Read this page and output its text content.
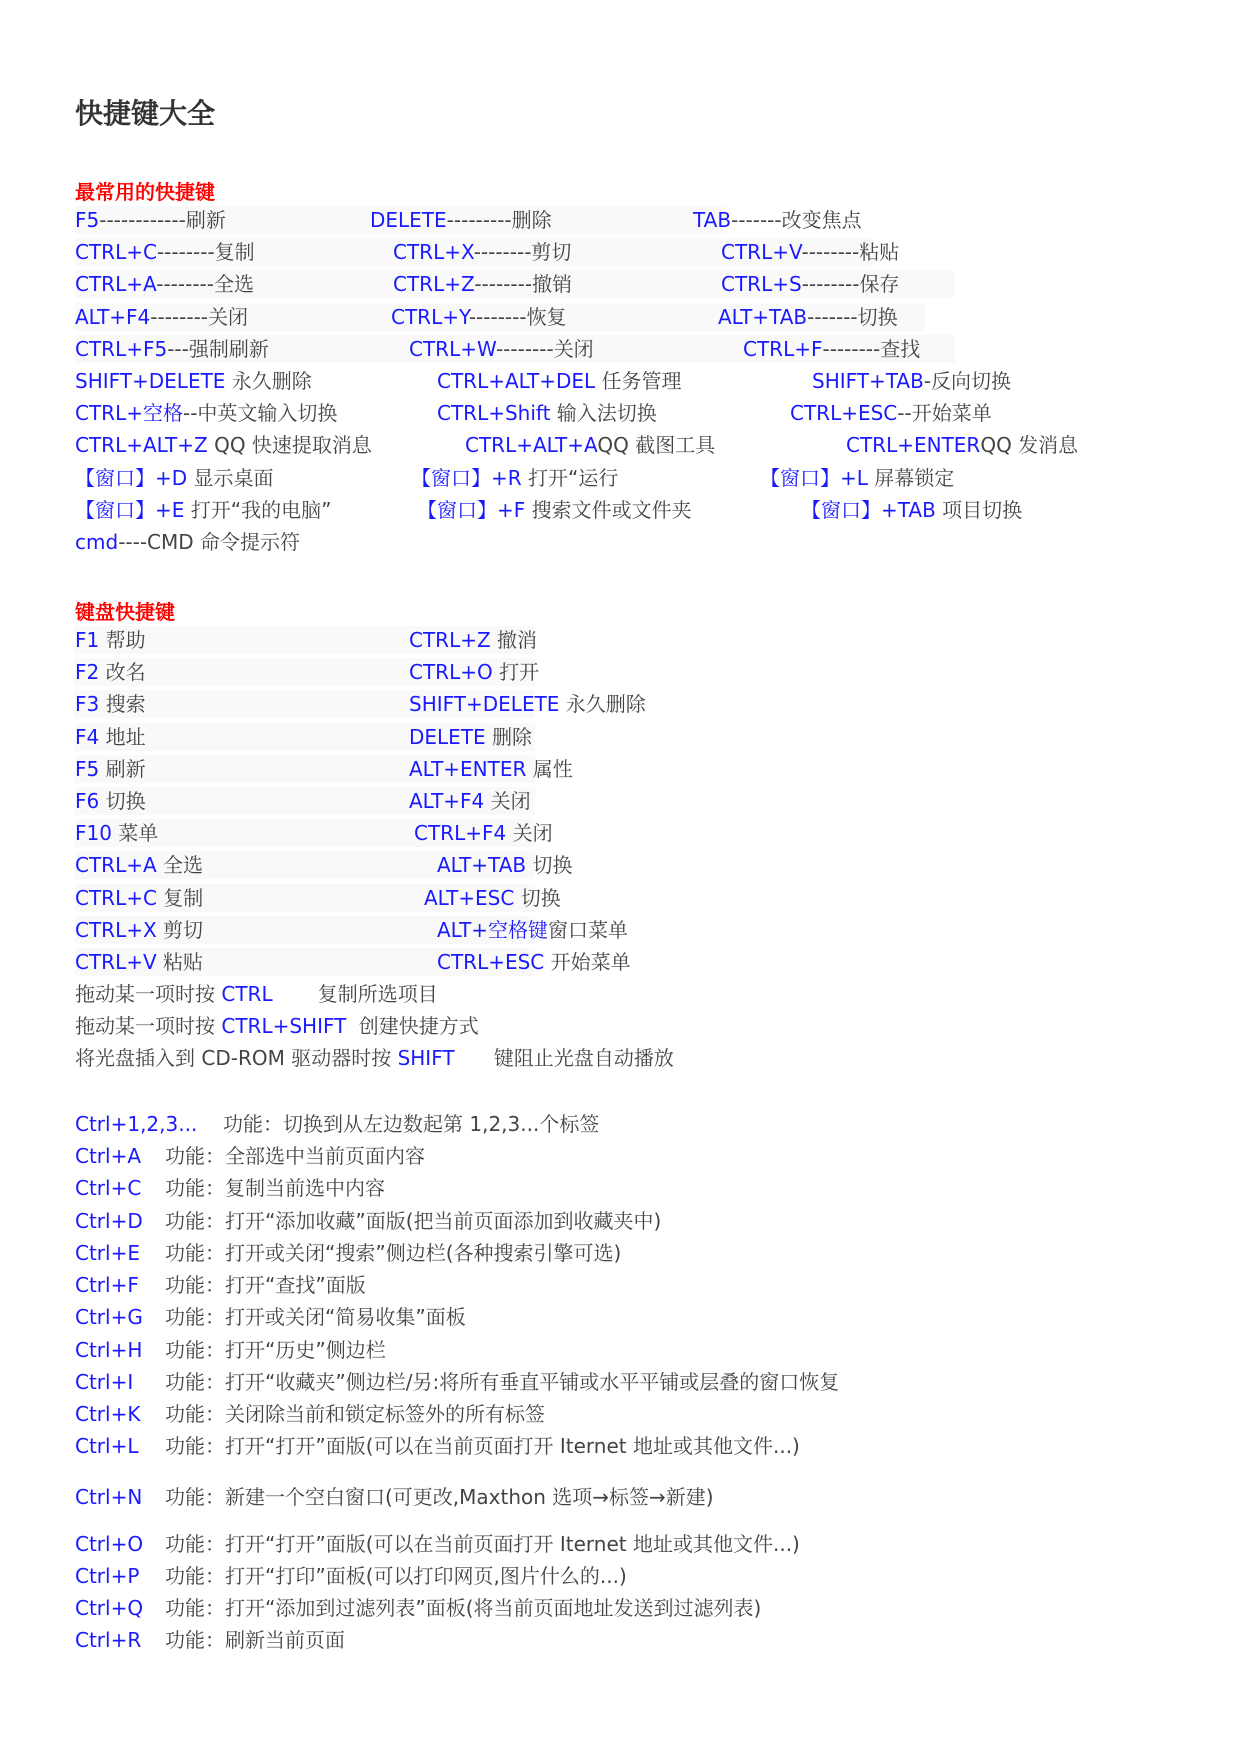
快捷键大全
最常用的快捷键
F5------------刷新	DELETE---------删除	TAB-------改变焦点
CTRL+C--------复制	CTRL+X--------剪切	CTRL+V--------粘贴
CTRL+A--------全选	CTRL+Z--------撤销	CTRL+S--------保存
ALT+F4--------关闭	CTRL+Y--------恢复	ALT+TAB-------切换
CTRL+F5---强制刷新	CTRL+W--------关闭	CTRL+F--------查找
SHIFT+DELETE 永久删除	CTRL+ALT+DEL 任务管理	SHIFT+TAB-反向切换
CTRL+空格--中英文输入切换	CTRL+Shift 输入法切换	CTRL+ESC--开始菜单
CTRL+ALT+Z QQ 快速提取消息	CTRL+ALT+AQQ 截图工具	CTRL+ENTERQQ 发消息
【窗口】+D 显示桌面	【窗口】+R 打开“运行	【窗口】+L 屏幕锁定
【窗口】+E 打开“我的电脑”	【窗口】+F 搜索文件或文件夹	【窗口】+TAB 项目切换
cmd----CMD 命令提示符
键盘快捷键
F1 帮助	CTRL+Z 撤消
F2 改名	CTRL+O 打开
F3 搜索	SHIFT+DELETE 永久删除
F4 地址	DELETE 删除
F5 刷新	ALT+ENTER 属性
F6 切换	ALT+F4 关闭
F10 菜单	CTRL+F4 关闭
CTRL+A 全选	ALT+TAB 切换
CTRL+C 复制	ALT+ESC 切换
CTRL+X 剪切	ALT+空格键窗口菜单
CTRL+V 粘贴	CTRL+ESC 开始菜单
拖动某一项时按 CTRL 复制所选项目
拖动某一项时按 CTRL+SHIFT 创建快捷方式
将光盘插入到 CD-ROM 驱动器时按 SHIFT 键阻止光盘自动播放
Ctrl+1,2,3... 功能：切换到从左边数起第 1,2,3...个标签
Ctrl+A 功能：全部选中当前页面内容
Ctrl+C 功能：复制当前选中内容
Ctrl+D 功能：打开“添加收藏”面版(把当前页面添加到收藏夹中)
Ctrl+E 功能：打开或关闭“搜索”侧边栏(各种搜索引擎可选)
Ctrl+F 功能：打开“查找”面版
Ctrl+G 功能：打开或关闭“简易收集”面板
Ctrl+H 功能：打开“历史”侧边栏
Ctrl+I 功能：打开“收藏夹”侧边栏/另:将所有垂直平铺或水平平铺或层叠的窗口恢复
Ctrl+K 功能：关闭除当前和锁定标签外的所有标签
Ctrl+L 功能：打开“打开”面版(可以在当前页面打开 Iternet 地址或其他文件...)
Ctrl+N 功能：新建一个空白窗口(可更改,Maxthon 选项→标签→新建)
Ctrl+O 功能：打开“打开”面版(可以在当前页面打开 Iternet 地址或其他文件...)
Ctrl+P 功能：打开“打印”面板(可以打印网页,图片什么的...)
Ctrl+Q 功能：打开“添加到过滤列表”面板(将当前页面地址发送到过滤列表)
Ctrl+R 功能：刷新当前页面
